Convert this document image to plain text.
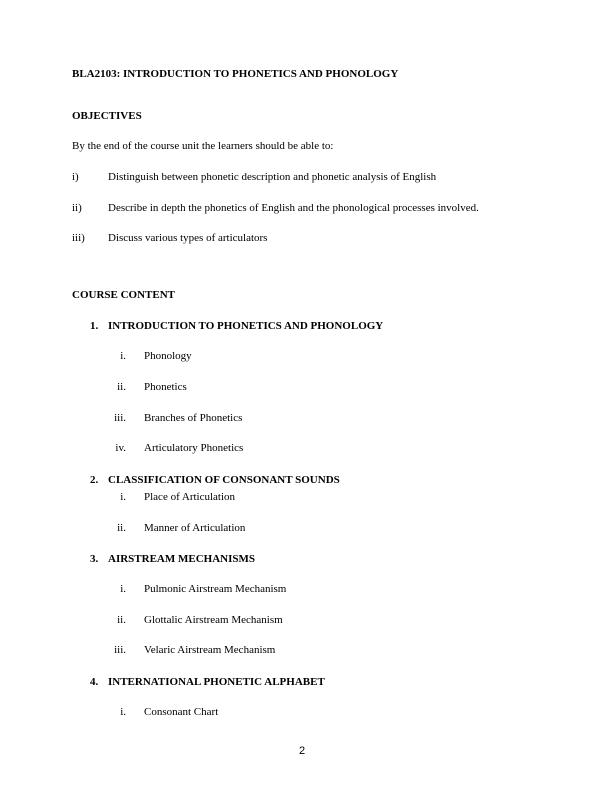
BLA2103: INTRODUCTION TO PHONETICS AND PHONOLOGY
OBJECTIVES
By the end of the course unit the learners should be able to:
i)	Distinguish between phonetic description and phonetic analysis of English
ii) Describe in depth the phonetics of English and the phonological processes involved.
iii) Discuss various types of articulators
COURSE CONTENT
1. INTRODUCTION TO PHONETICS AND PHONOLOGY
i. Phonology
ii. Phonetics
iii. Branches of Phonetics
iv. Articulatory Phonetics
2. CLASSIFICATION OF CONSONANT SOUNDS
i. Place of Articulation
ii. Manner of Articulation
3. AIRSTREAM MECHANISMS
i. Pulmonic Airstream Mechanism
ii. Glottalic Airstream Mechanism
iii. Velaric Airstream Mechanism
4. INTERNATIONAL PHONETIC ALPHABET
i. Consonant Chart
2
